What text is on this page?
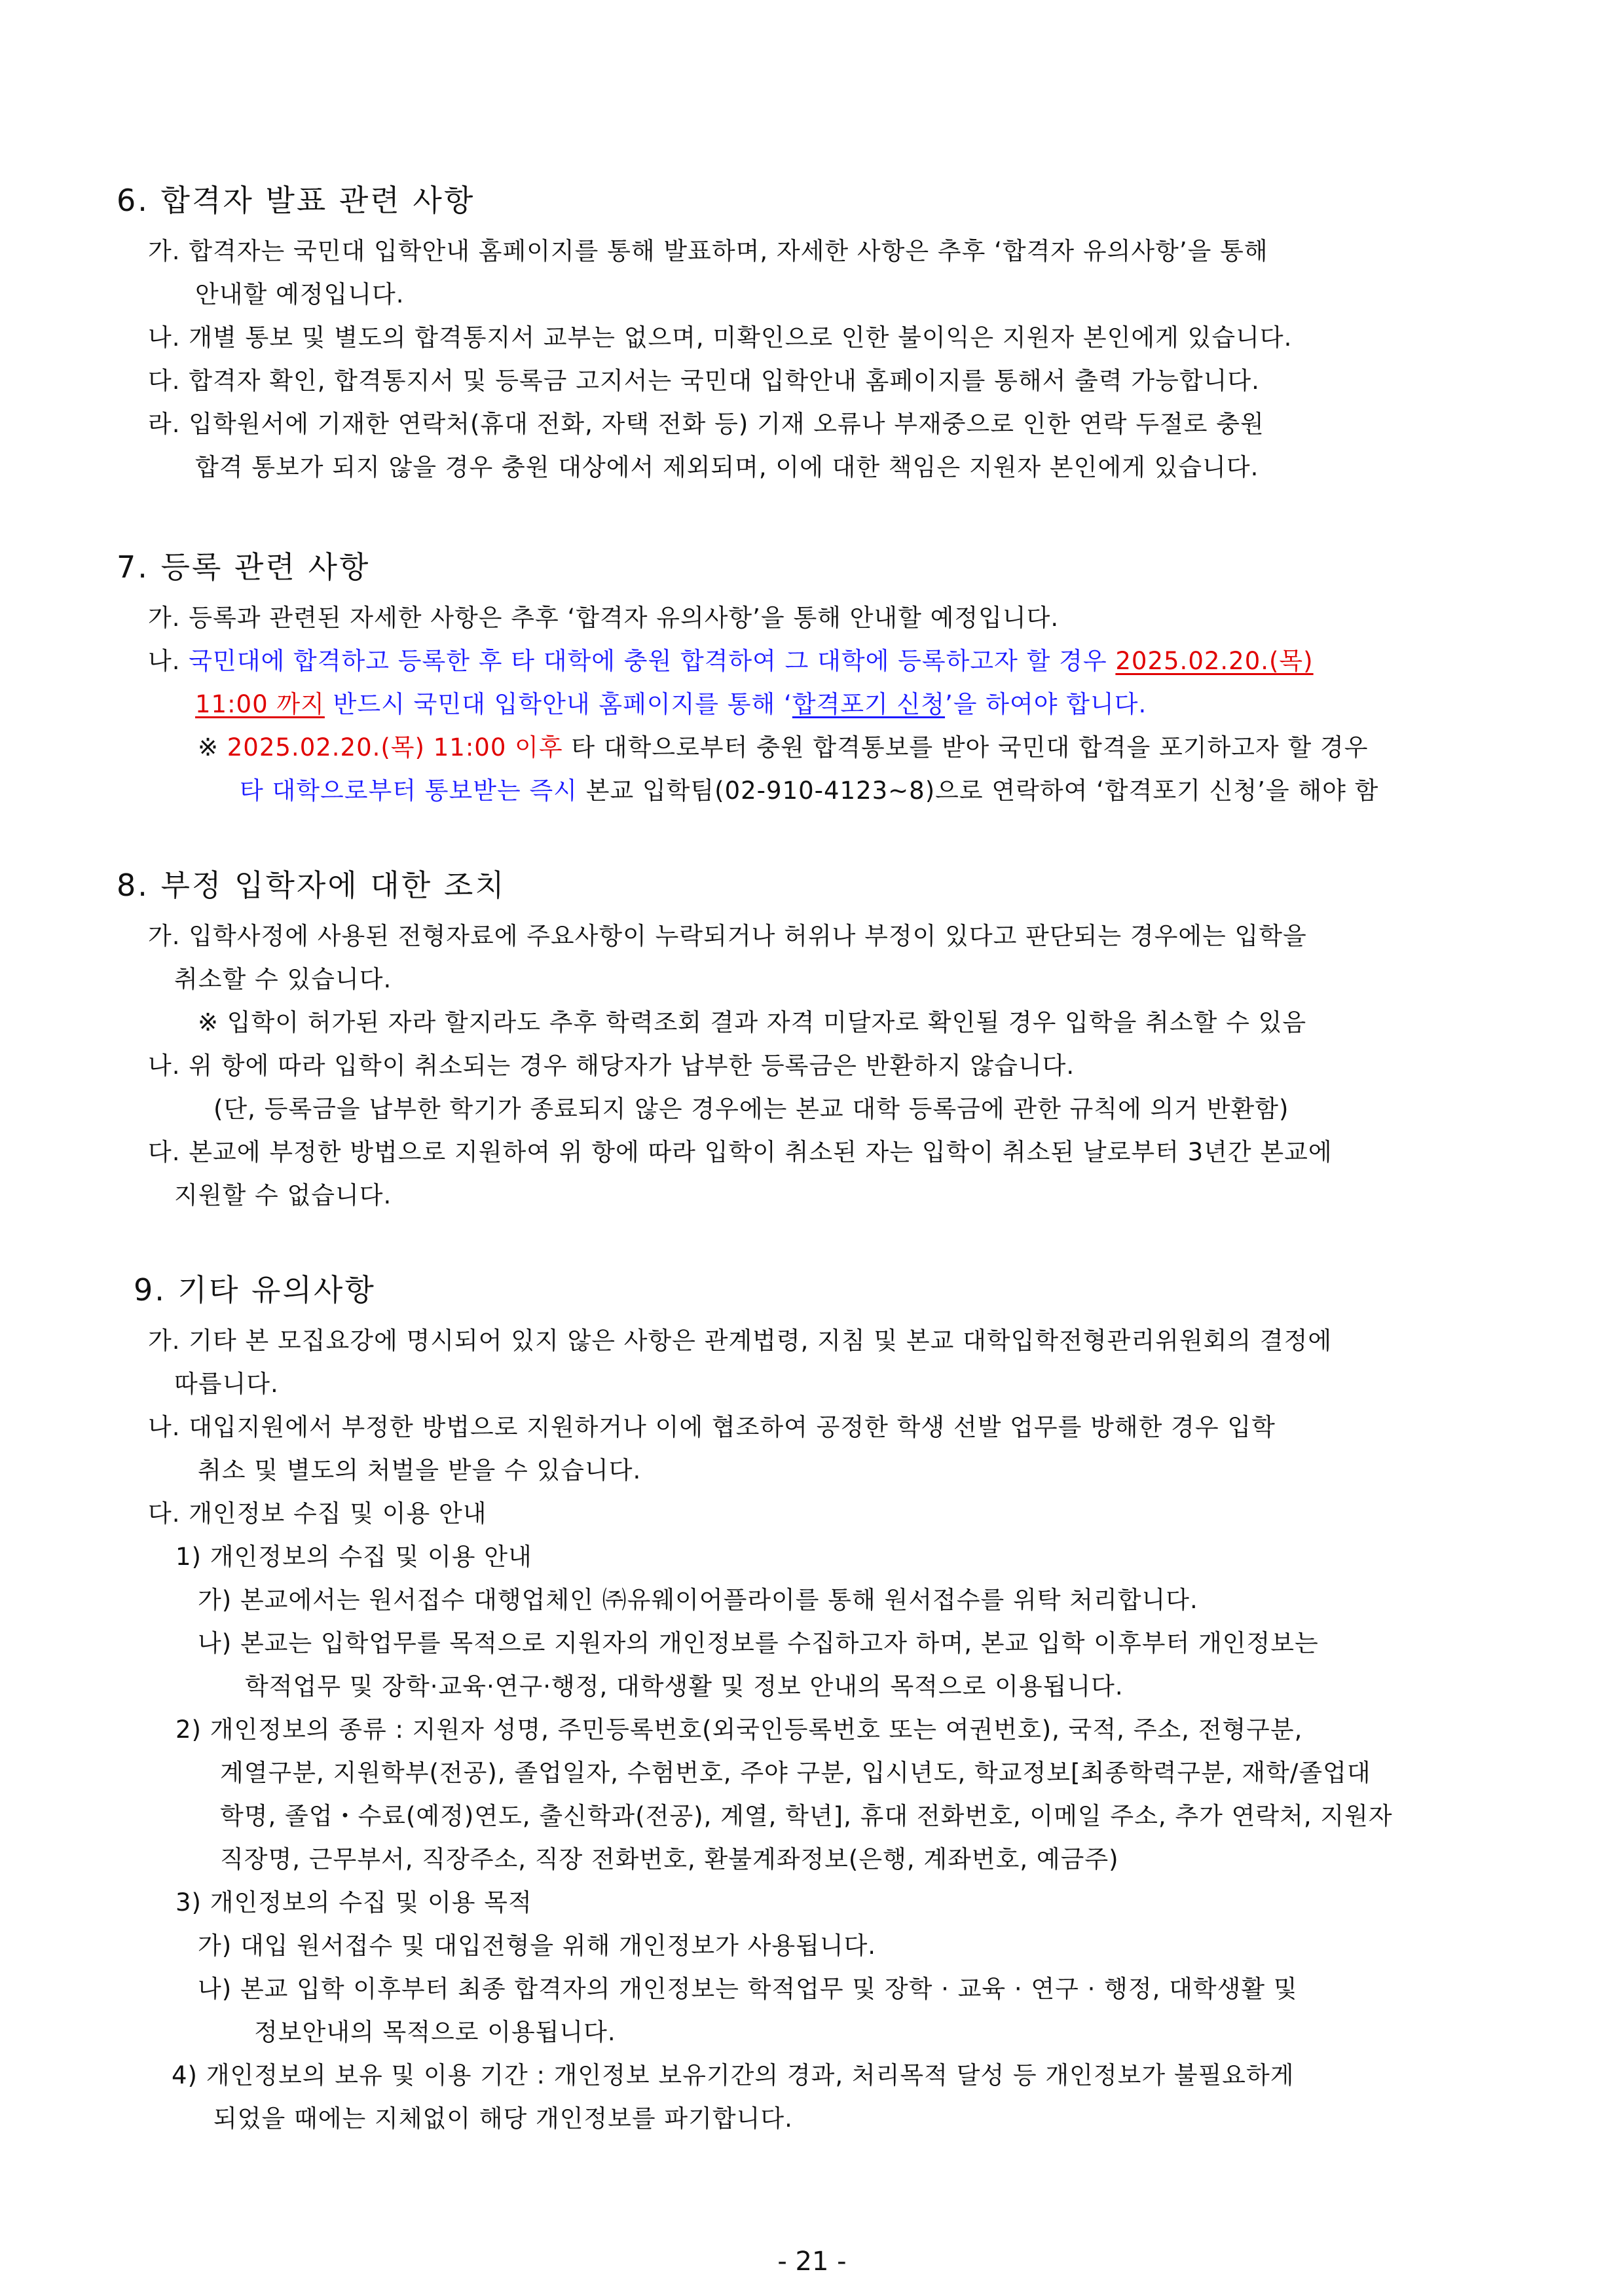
6. 합격자 발표 관련 사항
가. 합격자는 국민대 입학안내 홈페이지를 통해 발표하며, 자세한 사항은 추후 ‘합격자 유의사항’을 통해
안내할 예정입니다.
나. 개별 통보 및 별도의 합격통지서 교부는 없으며, 미확인으로 인한 불이익은 지원자 본인에게 있습니다.
다. 합격자 확인, 합격통지서 및 등록금 고지서는 국민대 입학안내 홈페이지를 통해서 출력 가능합니다.
라. 입학원서에 기재한 연락처(휴대 전화, 자택 전화 등) 기재 오류나 부재중으로 인한 연락 두절로 충원
합격 통보가 되지 않을 경우 충원 대상에서 제외되며, 이에 대한 책임은 지원자 본인에게 있습니다.
7. 등록 관련 사항
가. 등록과 관련된 자세한 사항은 추후 ‘합격자 유의사항’을 통해 안내할 예정입니다.
나. 국민대에 합격하고 등록한 후 타 대학에 충원 합격하여 그 대학에 등록하고자 할 경우 2025.02.20.(목)
11:00 까지 반드시 국민대 입학안내 홈페이지를 통해 ‘합격포기 신청’을 하여야 합니다.
※ 2025.02.20.(목) 11:00 이후 타 대학으로부터 충원 합격통보를 받아 국민대 합격을 포기하고자 할 경우
타 대학으로부터 통보받는 즉시 본교 입학팀(02-910-4123~8)으로 연락하여 ‘합격포기 신청’을 해야 함
8. 부정 입학자에 대한 조치
가. 입학사정에 사용된 전형자료에 주요사항이 누락되거나 허위나 부정이 있다고 판단되는 경우에는 입학을
취소할 수 있습니다.
※ 입학이 허가된 자라 할지라도 추후 학력조회 결과 자격 미달자로 확인될 경우 입학을 취소할 수 있음
나. 위 항에 따라 입학이 취소되는 경우 해당자가 납부한 등록금은 반환하지 않습니다.
(단, 등록금을 납부한 학기가 종료되지 않은 경우에는 본교 대학 등록금에 관한 규칙에 의거 반환함)
다. 본교에 부정한 방법으로 지원하여 위 항에 따라 입학이 취소된 자는 입학이 취소된 날로부터 3년간 본교에
지원할 수 없습니다.
9. 기타 유의사항
가. 기타 본 모집요강에 명시되어 있지 않은 사항은 관계법령, 지침 및 본교 대학입학전형관리위원회의 결정에
따릅니다.
나. 대입지원에서 부정한 방법으로 지원하거나 이에 협조하여 공정한 학생 선발 업무를 방해한 경우 입학
취소 및 별도의 처벌을 받을 수 있습니다.
다. 개인정보 수집 및 이용 안내
1) 개인정보의 수집 및 이용 안내
가) 본교에서는 원서접수 대행업체인 ㈜유웨이어플라이를 통해 원서접수를 위탁 처리합니다.
나) 본교는 입학업무를 목적으로 지원자의 개인정보를 수집하고자 하며, 본교 입학 이후부터 개인정보는
학적업무 및 장학·교육·연구·행정, 대학생활 및 정보 안내의 목적으로 이용됩니다.
2) 개인정보의 종류 : 지원자 성명, 주민등록번호(외국인등록번호 또는 여권번호), 국적, 주소, 전형구분,
계열구분, 지원학부(전공), 졸업일자, 수험번호, 주야 구분, 입시년도, 학교정보[최종학력구분, 재학/졸업대
학명, 졸업・수료(예정)연도, 출신학과(전공), 계열, 학년], 휴대 전화번호, 이메일 주소, 추가 연락처, 지원자
직장명, 근무부서, 직장주소, 직장 전화번호, 환불계좌정보(은행, 계좌번호, 예금주)
3) 개인정보의 수집 및 이용 목적
가) 대입 원서접수 및 대입전형을 위해 개인정보가 사용됩니다.
나) 본교 입학 이후부터 최종 합격자의 개인정보는 학적업무 및 장학 · 교육 · 연구 · 행정, 대학생활 및
정보안내의 목적으로 이용됩니다.
4) 개인정보의 보유 및 이용 기간 : 개인정보 보유기간의 경과, 처리목적 달성 등 개인정보가 불필요하게
되었을 때에는 지체없이 해당 개인정보를 파기합니다.
- 21 -
